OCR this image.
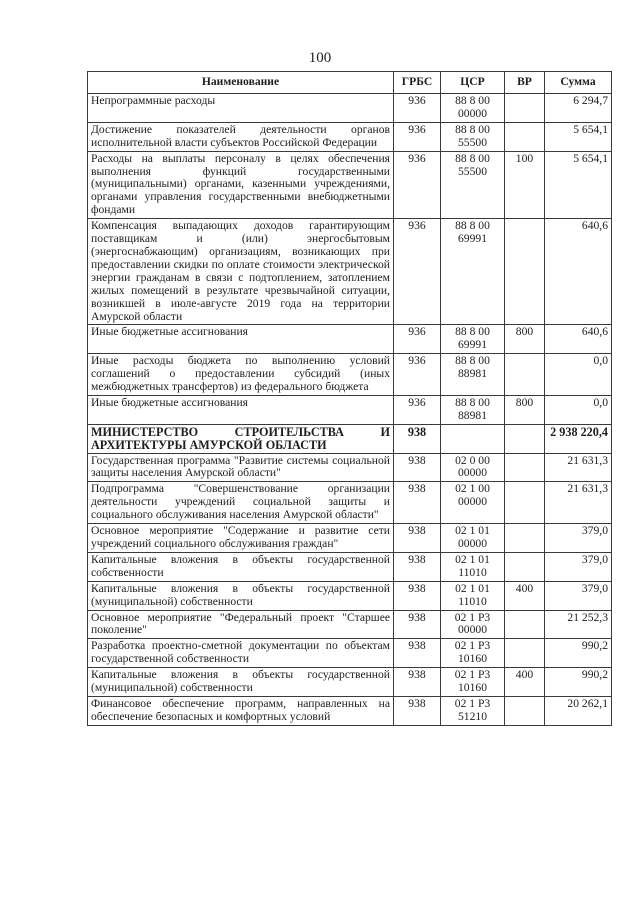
100
Наименование	ГРБС	ЦСР	ВР	Сумма
Непрограммные расходы	936	88 8 00 00000		6 294,7
Достижение показателей деятельности органов исполнительной власти субъектов Российской Федерации	936	88 8 00 55500		5 654,1
Расходы на выплаты персоналу в целях обеспечения выполнения функций государственными (муниципальными) органами, казенными учреждениями, органами управления государственными внебюджетными фондами	936	88 8 00 55500	100	5 654,1
Компенсация выпадающих доходов гарантирующим поставщикам и (или) энергосбытовым (энергоснабжающим) организациям, возникающих при предоставлении скидки по оплате стоимости электрической энергии гражданам в связи с подтоплением, затоплением жилых помещений в результате чрезвычайной ситуации, возникшей в июле-августе 2019 года на территории Амурской области	936	88 8 00 69991		640,6
Иные бюджетные ассигнования	936	88 8 00 69991	800	640,6
Иные расходы бюджета по выполнению условий соглашений о предоставлении субсидий (иных межбюджетных трансфертов) из федерального бюджета	936	88 8 00 88981		0,0
Иные бюджетные ассигнования	936	88 8 00 88981	800	0,0
МИНИСТЕРСТВО СТРОИТЕЛЬСТВА И АРХИТЕКТУРЫ АМУРСКОЙ ОБЛАСТИ	938			2 938 220,4
Государственная программа "Развитие системы социальной защиты населения Амурской области"	938	02 0 00 00000		21 631,3
Подпрограмма "Совершенствование организации деятельности учреждений социальной защиты и социального обслуживания населения Амурской области"	938	02 1 00 00000		21 631,3
Основное мероприятие "Содержание и развитие сети учреждений социального обслуживания граждан"	938	02 1 01 00000		379,0
Капитальные вложения в объекты государственной собственности	938	02 1 01 11010		379,0
Капитальные вложения в объекты государственной (муниципальной) собственности	938	02 1 01 11010	400	379,0
Основное мероприятие "Федеральный проект "Старшее поколение"	938	02 1 P3 00000		21 252,3
Разработка проектно-сметной документации по объектам государственной собственности	938	02 1 P3 10160		990,2
Капитальные вложения в объекты государственной (муниципальной) собственности	938	02 1 P3 10160	400	990,2
Финансовое обеспечение программ, направленных на обеспечение безопасных и комфортных условий	938	02 1 P3 51210		20 262,1
